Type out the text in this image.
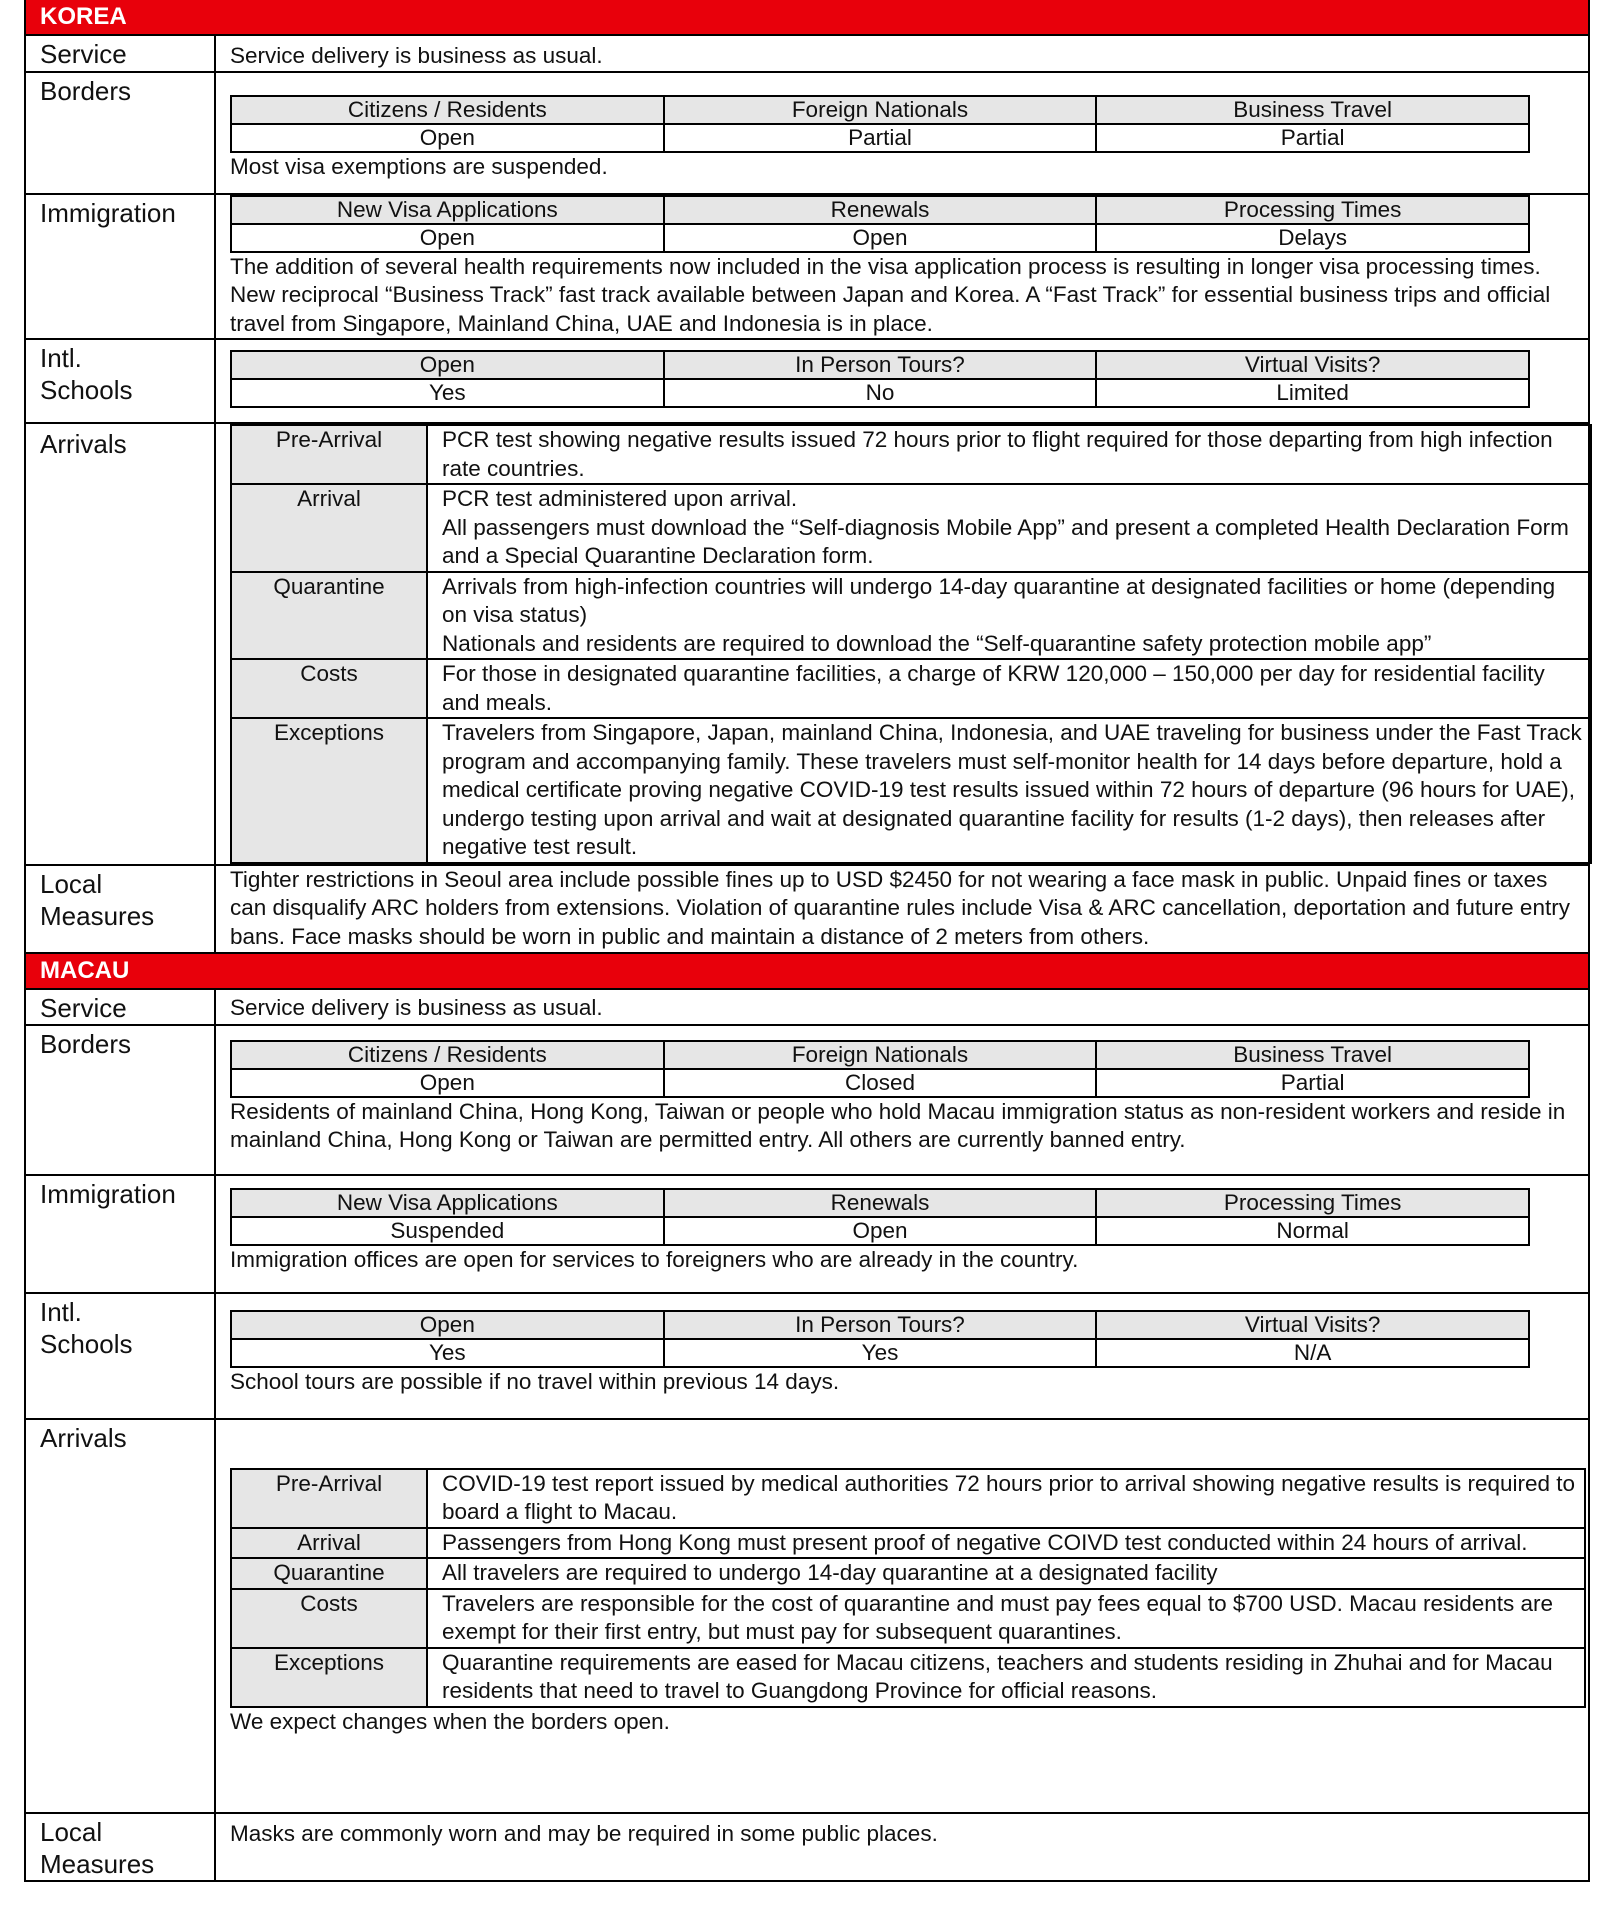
KOREA
Service	Service delivery is business as usual.
Borders	
Citizens / Residents	Foreign Nationals	Business Travel
Open	Partial	Partial
Most visa exemptions are suspended.

Immigration		New Visa Applications	Renewals	Processing Times
Open	Open	Delays
The addition of several health requirements now included in the visa application process is resulting in longer visa processing times. New reciprocal “Business Track” fast track available between Japan and Korea. A “Fast Track” for essential business trips and official travel from Singapore, Mainland China, UAE and Indonesia is in place.

Intl.
Schools

Open	In Person Tours?	Virtual Visits?
Yes	No	Limited

Arrivals		Pre-Arrival	PCR test showing negative results issued 72 hours prior to flight required for those departing from high infection rate countries.

Arrival	PCR test administered upon arrival.
All passengers must download the “Self-diagnosis Mobile App” and present a completed Health Declaration Form and a Special Quarantine Declaration form.

Quarantine	Arrivals from high-infection countries will undergo 14-day quarantine at designated facilities or home (depending on visa status)
Nationals and residents are required to download the “Self-quarantine safety protection mobile app”

Costs	For those in designated quarantine facilities, a charge of KRW 120,000 – 150,000 per day for residential facility and meals.

Exceptions	Travelers from Singapore, Japan, mainland China, Indonesia, and UAE traveling for business under the Fast Track program and accompanying family. These travelers must self-monitor health for 14 days before departure, hold a medical certificate proving negative COVID-19 test results issued within 72 hours of departure (96 hours for UAE), undergo testing upon arrival and wait at designated quarantine facility for results (1-2 days), then releases after negative test result.

Local
Measures
	Tighter restrictions in Seoul area include possible fines up to USD $2450 for not wearing a face mask in public. Unpaid fines or taxes can disqualify ARC holders from extensions. Violation of quarantine rules include Visa & ARC cancellation, deportation and future entry bans. Face masks should be worn in public and maintain a distance of 2 meters from others.
MACAU
Service	Service delivery is business as usual.
Borders		Citizens / Residents	Foreign Nationals	Business Travel
Open	Closed	Partial
Residents of mainland China, Hong Kong, Taiwan or people who hold Macau immigration status as non-resident workers and reside in mainland China, Hong Kong or Taiwan are permitted entry. All others are currently banned entry.

Immigration		New Visa Applications	Renewals	Processing Times
Suspended	Open	Normal
Immigration offices are open for services to foreigners who are already in the country.

Intl.
Schools

Open	In Person Tours?	Virtual Visits?
Yes	Yes	N/A
School tours are possible if no travel within previous 14 days.

Arrivals	
Pre-Arrival	COVID-19 test report issued by medical authorities 72 hours prior to arrival showing negative results is required to board a flight to Macau.

Arrival	Passengers from Hong Kong must present proof of negative COIVD test conducted within 24 hours of arrival.

Quarantine	All travelers are required to undergo 14-day quarantine at a designated facility

Costs	Travelers are responsible for the cost of quarantine and must pay fees equal to $700 USD. Macau residents are exempt for their first entry, but must pay for subsequent quarantines.

Exceptions	Quarantine requirements are eased for Macau citizens, teachers and students residing in Zhuhai and for Macau residents that need to travel to Guangdong Province for official reasons.
We expect changes when the borders open.

Local
Measures
	Masks are commonly worn and may be required in some public places.
